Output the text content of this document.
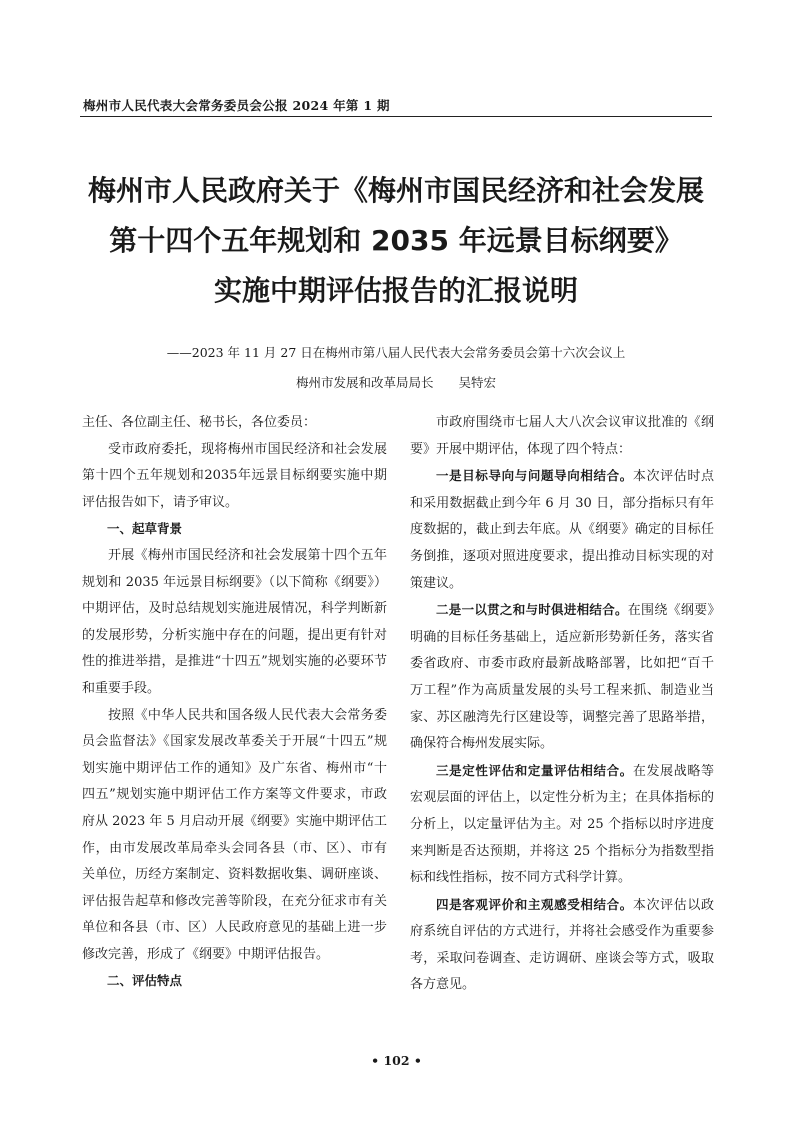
梅州市人民代表大会常务委员会公报 2024 年第 1 期
梅州市人民政府关于《梅州市国民经济和社会发展
第十四个五年规划和 2035 年远景目标纲要》
实施中期评估报告的汇报说明
——2023 年 11 月 27 日在梅州市第八届人民代表大会常务委员会第十六次会议上
梅州市发展和改革局局长　　吴特宏

主任、各位副主任、秘书长，各位委员：

受市政府委托，现将梅州市国民经济和社会发展第十四个五年规划和2035年远景目标纲要实施中期评估报告如下，请予审议。

一、起草背景

开展《梅州市国民经济和社会发展第十四个五年规划和 2035 年远景目标纲要》（以下简称《纲要》）中期评估，及时总结规划实施进展情况，科学判断新的发展形势，分析实施中存在的问题，提出更有针对性的推进举措，是推进“十四五”规划实施的必要环节和重要手段。

按照《中华人民共和国各级人民代表大会常务委员会监督法》《国家发展改革委关于开展“十四五”规划实施中期评估工作的通知》及广东省、梅州市“十四五”规划实施中期评估工作方案等文件要求，市政府从 2023 年 5 月启动开展《纲要》实施中期评估工作，由市发展改革局牵头会同各县（市、区）、市有关单位，历经方案制定、资料数据收集、调研座谈、评估报告起草和修改完善等阶段，在充分征求市有关单位和各县（市、区）人民政府意见的基础上进一步修改完善，形成了《纲要》中期评估报告。

二、评估特点

市政府围绕市七届人大八次会议审议批准的《纲要》开展中期评估，体现了四个特点：

一是目标导向与问题导向相结合。本次评估时点和采用数据截止到今年 6 月 30 日，部分指标只有年度数据的，截止到去年底。从《纲要》确定的目标任务倒推，逐项对照进度要求，提出推动目标实现的对策建议。

二是一以贯之和与时俱进相结合。在围绕《纲要》明确的目标任务基础上，适应新形势新任务，落实省委省政府、市委市政府最新战略部署，比如把“百千万工程”作为高质量发展的头号工程来抓、制造业当家、苏区融湾先行区建设等，调整完善了思路举措，确保符合梅州发展实际。

三是定性评估和定量评估相结合。在发展战略等宏观层面的评估上，以定性分析为主；在具体指标的分析上，以定量评估为主。对 25 个指标以时序进度来判断是否达预期，并将这 25 个指标分为指数型指标和线性指标，按不同方式科学计算。

四是客观评价和主观感受相结合。本次评估以政府系统自评估的方式进行，并将社会感受作为重要参考，采取问卷调查、走访调研、座谈会等方式，吸取各方意见。

• 102 •
